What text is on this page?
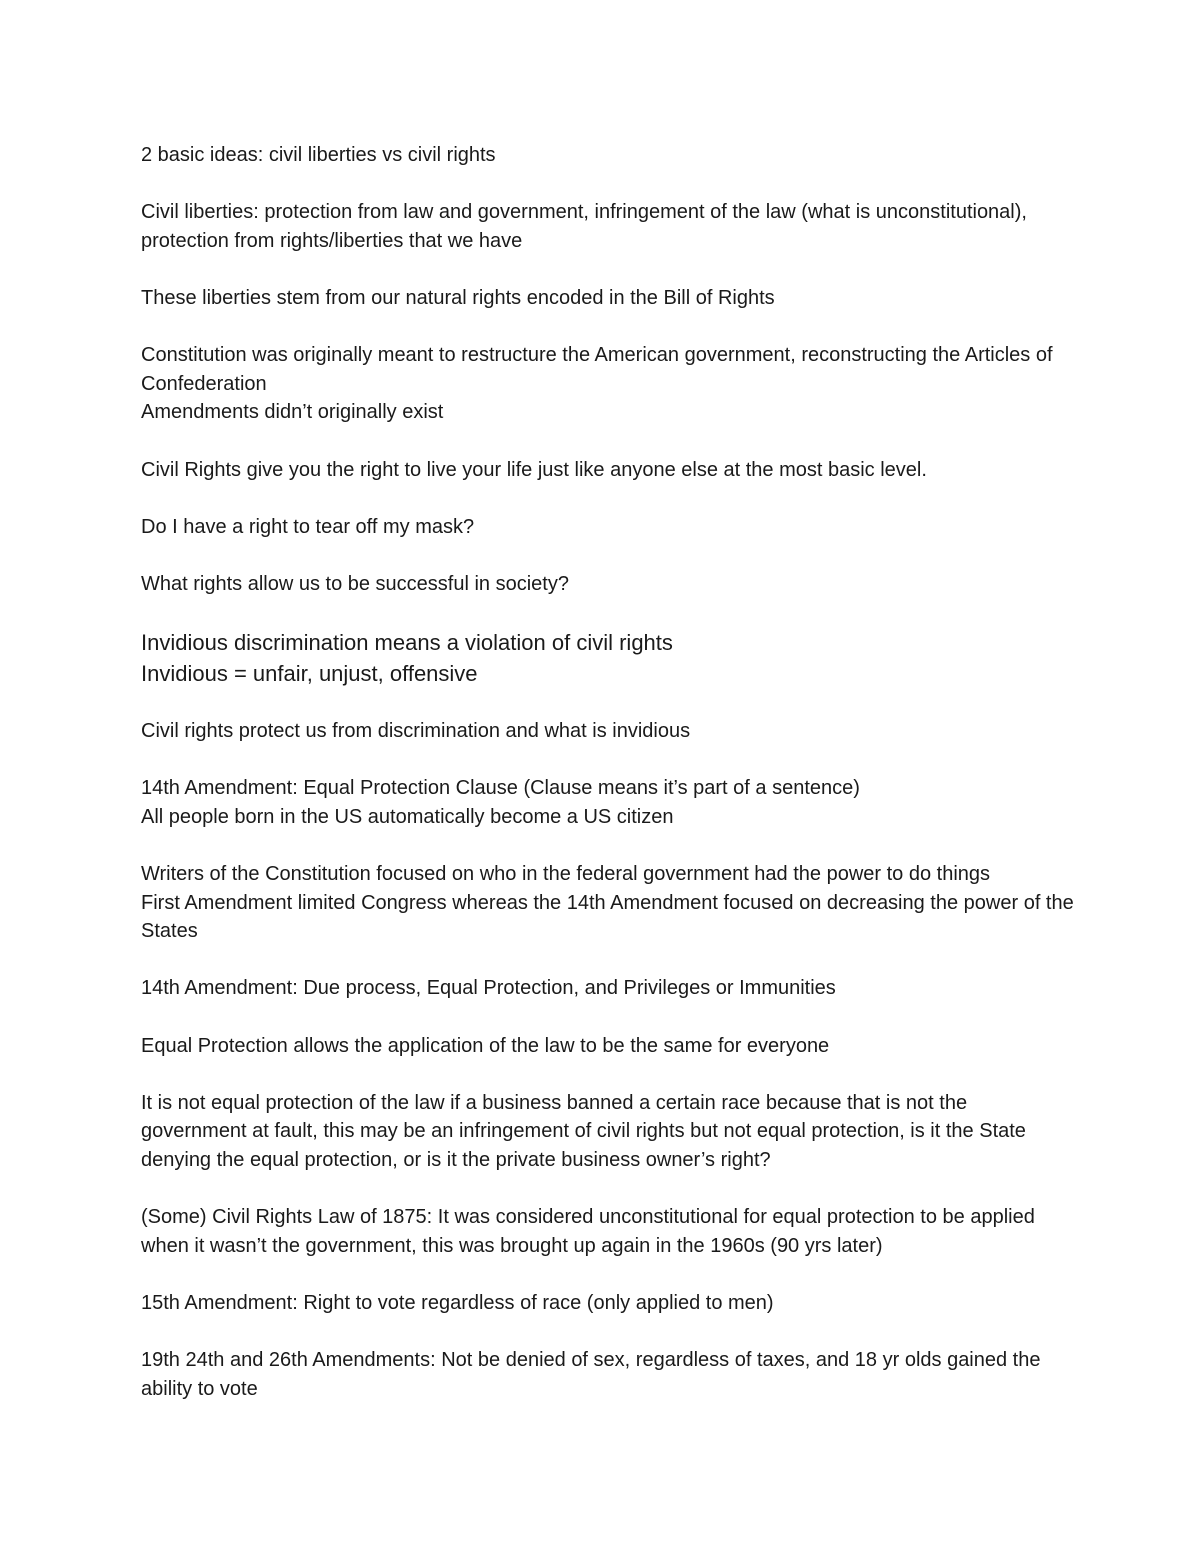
2 basic ideas: civil liberties vs civil rights

Civil liberties: protection from law and government, infringement of the law (what is unconstitutional), protection from rights/liberties that we have

These liberties stem from our natural rights encoded in the Bill of Rights

Constitution was originally meant to restructure the American government, reconstructing the Articles of Confederation
Amendments didn’t originally exist

Civil Rights give you the right to live your life just like anyone else at the most basic level.

Do I have a right to tear off my mask?

What rights allow us to be successful in society?

Invidious discrimination means a violation of civil rights
Invidious = unfair, unjust, offensive

Civil rights protect us from discrimination and what is invidious

14th Amendment: Equal Protection Clause (Clause means it’s part of a sentence)
All people born in the US automatically become a US citizen

Writers of the Constitution focused on who in the federal government had the power to do things
First Amendment limited Congress whereas the 14th Amendment focused on decreasing the power of the States

14th Amendment: Due process, Equal Protection, and Privileges or Immunities

Equal Protection allows the application of the law to be the same for everyone

It is not equal protection of the law if a business banned a certain race because that is not the government at fault, this may be an infringement of civil rights but not equal protection, is it the State denying the equal protection, or is it the private business owner’s right?

(Some) Civil Rights Law of 1875: It was considered unconstitutional for equal protection to be applied when it wasn’t the government, this was brought up again in the 1960s (90 yrs later)

15th Amendment: Right to vote regardless of race (only applied to men)

19th 24th and 26th Amendments: Not be denied of sex, regardless of taxes, and 18 yr olds gained the ability to vote
